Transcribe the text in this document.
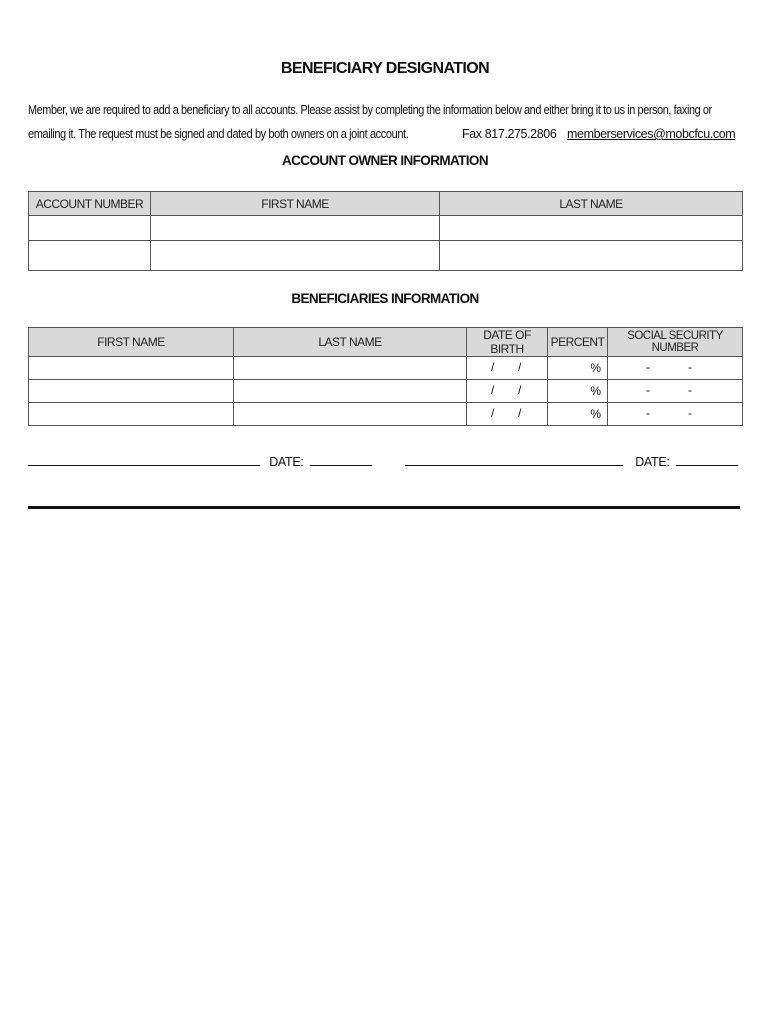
BENEFICIARY DESIGNATION
Member, we are required to add a beneficiary to all accounts. Please assist by completing the information below and either bring it to us in person, faxing or
emailing it. The request must be signed and dated by both owners on a joint account.	Fax 817.275.2806 memberservices@mobcfcu.com
ACCOUNT OWNER INFORMATION
ACCOUNT NUMBER	FIRST NAME	LAST NAME

BENEFICIARIES INFORMATION
FIRST NAME	LAST NAME	DATE OF BIRTH	PERCENT	SOCIAL SECURITY NUMBER

		/ /	%	- -

		/ /	%	- -

		/ /	%	- -
DATE:	DATE:
